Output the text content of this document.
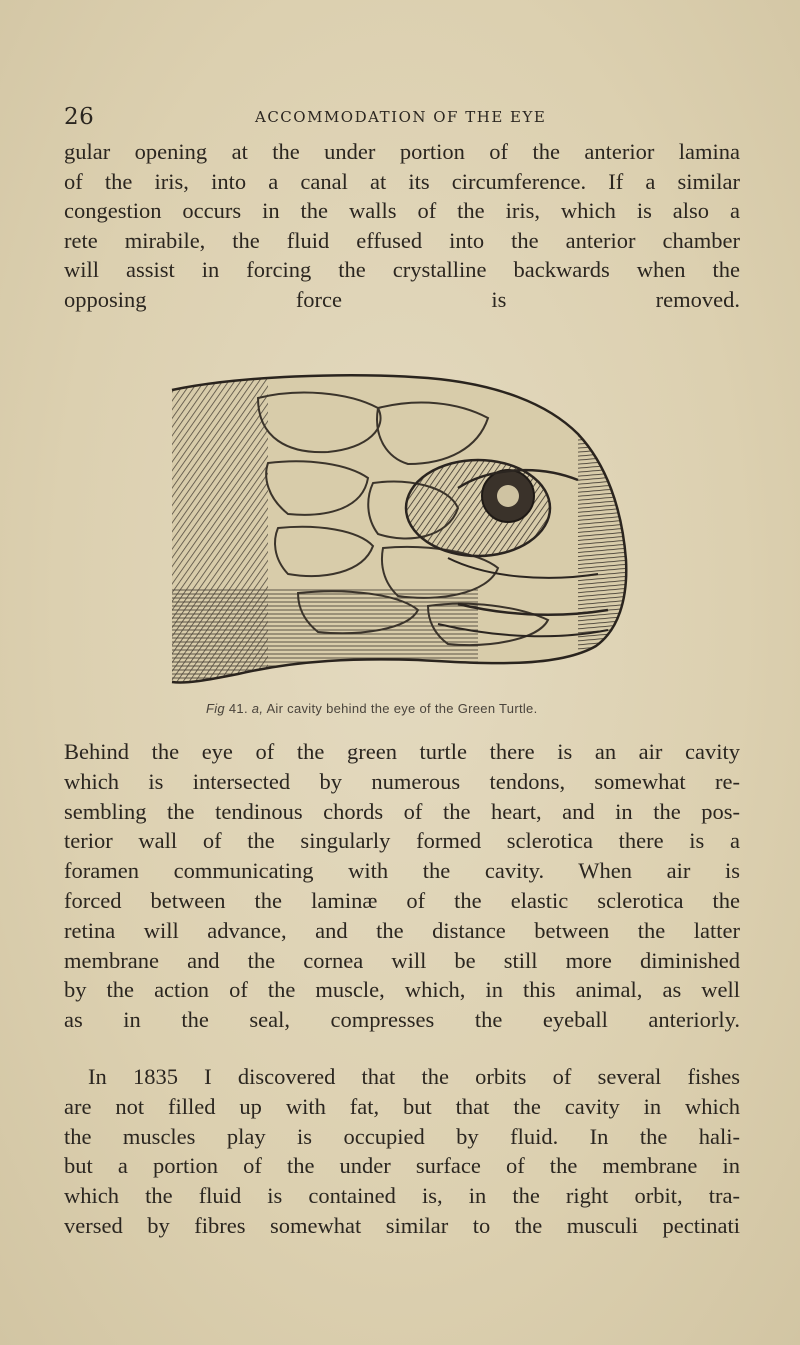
26	ACCOMMODATION OF THE EYE

gular opening at the under portion of the anterior lamina
of the iris, into a canal at its circumference. If a similar
congestion occurs in the walls of the iris, which is also a
rete mirabile, the fluid effused into the anterior chamber
will assist in forcing the crystalline backwards when the
opposing force is removed.

Fig 41. a, Air cavity behind the eye of the Green Turtle.

Behind the eye of the green turtle there is an air cavity
which is intersected by numerous tendons, somewhat re-
sembling the tendinous chords of the heart, and in the pos-
terior wall of the singularly formed sclerotica there is a
foramen communicating with the cavity. When air is
forced between the laminæ of the elastic sclerotica the
retina will advance, and the distance between the latter
membrane and the cornea will be still more diminished
by the action of the muscle, which, in this animal, as well
as in the seal, compresses the eyeball anteriorly.

In 1835 I discovered that the orbits of several fishes
are not filled up with fat, but that the cavity in which
the muscles play is occupied by fluid. In the hali-
but a portion of the under surface of the membrane in
which the fluid is contained is, in the right orbit, tra-
versed by fibres somewhat similar to the musculi pectinati
